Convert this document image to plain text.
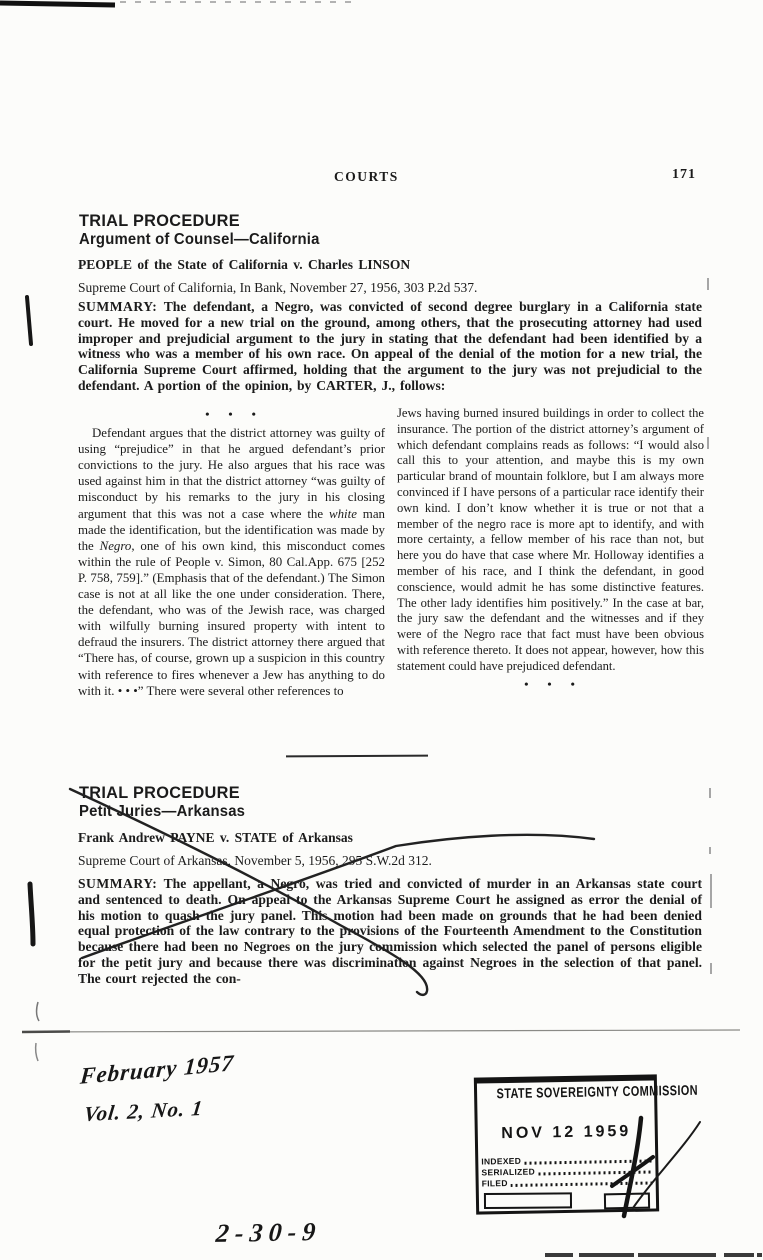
COURTS	171
TRIAL PROCEDURE
Argument of Counsel—California
PEOPLE of the State of California v. Charles LINSON
Supreme Court of California, In Bank, November 27, 1956, 303 P.2d 537.
SUMMARY: The defendant, a Negro, was convicted of second degree burglary in a California state court. He moved for a new trial on the ground, among others, that the prosecuting attorney had used improper and prejudicial argument to the jury in stating that the defendant had been identified by a witness who was a member of his own race. On appeal of the denial of the motion for a new trial, the California Supreme Court affirmed, holding that the argument to the jury was not prejudicial to the defendant. A portion of the opinion, by CARTER, J., follows:
• • •

Defendant argues that the district attorney was guilty of using “prejudice” in that he argued defendant’s prior convictions to the jury. He also argues that his race was used against him in that the district attorney “was guilty of misconduct by his remarks to the jury in his closing argument that this was not a case where the white man made the identification, but the identification was made by the Negro, one of his own kind, this misconduct comes within the rule of People v. Simon, 80 Cal.App. 675 [252 P. 758, 759].” (Emphasis that of the defendant.) The Simon case is not at all like the one under consideration. There, the defendant, who was of the Jewish race, was charged with wilfully burning insured property with intent to defraud the insurers. The district attorney there argued that “There has, of course, grown up a suspicion in this country with reference to fires whenever a Jew has anything to do with it. • • •” There were several other references to

Jews having burned insured buildings in order to collect the insurance. The portion of the district attorney’s argument of which defendant complains reads as follows: “I would also call this to your attention, and maybe this is my own particular brand of mountain folklore, but I am always more convinced if I have persons of a particular race identify their own kind. I don’t know whether it is true or not that a member of the negro race is more apt to identify, and with more certainty, a fellow member of his race than not, but here you do have that case where Mr. Holloway identifies a member of his race, and I think the defendant, in good conscience, would admit he has some distinctive features. The other lady identifies him positively.” In the case at bar, the jury saw the defendant and the witnesses and if they were of the Negro race that fact must have been obvious with reference thereto. It does not appear, however, how this statement could have prejudiced defendant.

• • •
TRIAL PROCEDURE
Petit Juries—Arkansas
Frank Andrew PAYNE v. STATE of Arkansas
Supreme Court of Arkansas, November 5, 1956, 295 S.W.2d 312.
SUMMARY: The appellant, a Negro, was tried and convicted of murder in an Arkansas state court and sentenced to death. On appeal to the Arkansas Supreme Court he assigned as error the denial of his motion to quash the jury panel. This motion had been made on grounds that he had been denied equal protection of the law contrary to the provisions of the Fourteenth Amendment to the Constitution because there had been no Negroes on the jury commission which selected the panel of persons eligible for the petit jury and because there was discrimination against Negroes in the selection of that panel. The court rejected the con-
February 1957
Vol. 2, No. 1
2-30-9
STATE SOVEREIGNTY COMMISSION
NOV 12 1959
INDEXED
SERIALIZED
FILED
